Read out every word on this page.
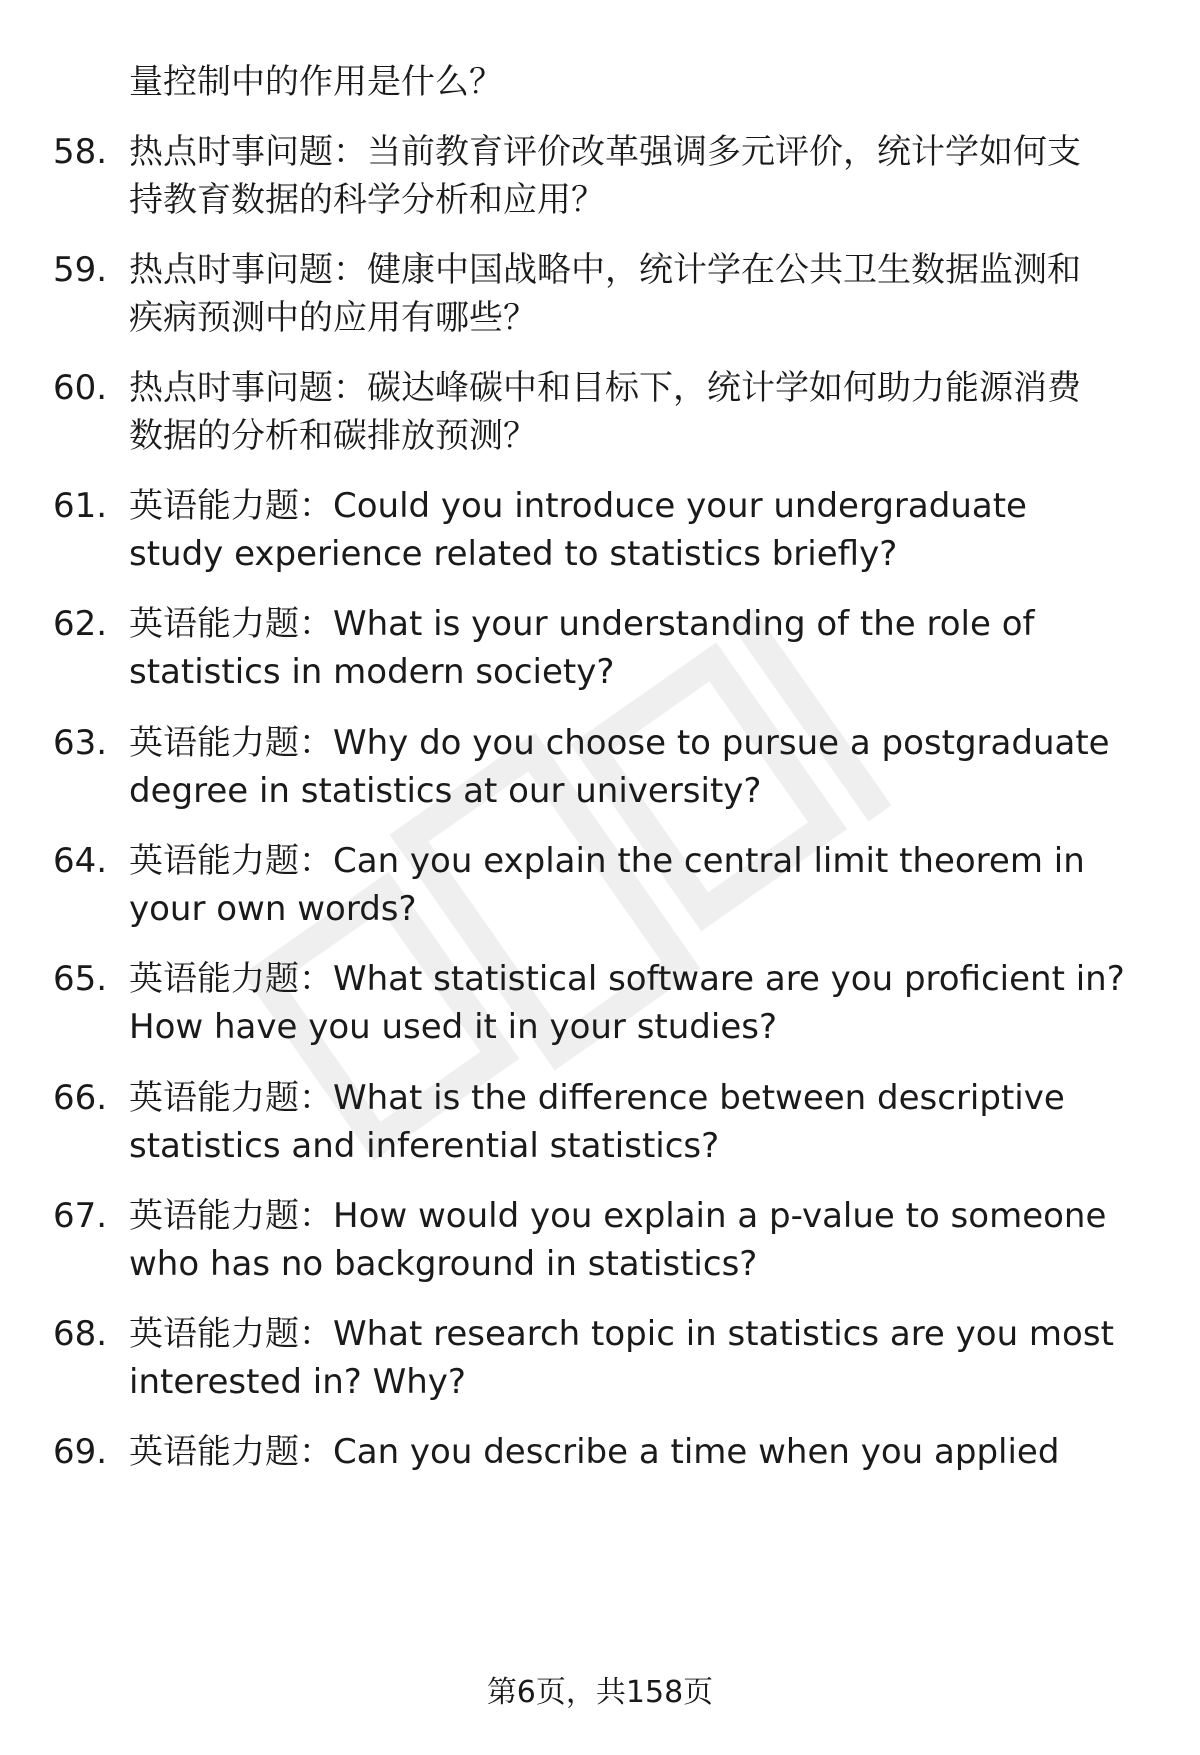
量控制中的作用是什么？
58. 热点时事问题：当前教育评价改革强调多元评价，统计学如何支
持教育数据的科学分析和应用？
59. 热点时事问题：健康中国战略中，统计学在公共卫生数据监测和
疾病预测中的应用有哪些？
60. 热点时事问题：碳达峰碳中和目标下，统计学如何助力能源消费
数据的分析和碳排放预测？
61. 英语能力题：Could you introduce your undergraduate
study experience related to statistics briefly?
62. 英语能力题：What is your understanding of the role of
statistics in modern society?
63. 英语能力题：Why do you choose to pursue a postgraduate
degree in statistics at our university?
64. 英语能力题：Can you explain the central limit theorem in
your own words?
65. 英语能力题：What statistical software are you proficient in?
How have you used it in your studies?
66. 英语能力题：What is the difference between descriptive
statistics and inferential statistics?
67. 英语能力题：How would you explain a p-value to someone
who has no background in statistics?
68. 英语能力题：What research topic in statistics are you most
interested in? Why?
69. 英语能力题：Can you describe a time when you applied
第6页，共158页
